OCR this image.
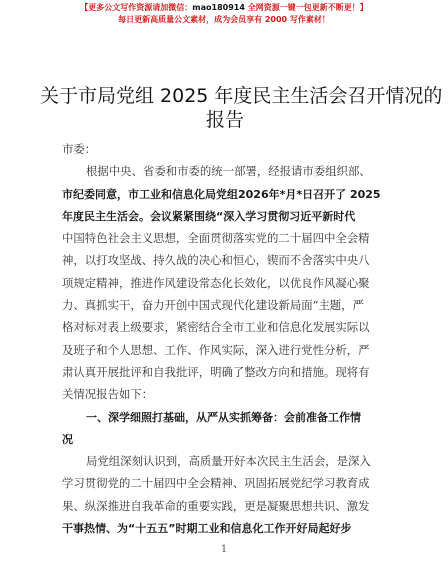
【更多公文写作资源请加微信：mao180914 全网资源一键一包更新不断更！】
每日更新高质量公文素材，成为会员享有 2000 写作素材！
关于市局党组 2025 年度民主生活会召开情况的
报告
市委：
根据中央、省委和市委的统一部署，经报请市委组织部、
市纪委同意，市工业和信息化局党组2026年*月*日召开了 2025
年度民主生活会。会议紧紧围绕“深入学习贯彻习近平新时代
中国特色社会主义思想，全面贯彻落实党的二十届四中全会精
神，以打攻坚战、持久战的决心和恒心，锲而不舍落实中央八
项规定精神，推进作风建设常态化长效化，以优良作风凝心聚
力、真抓实干，奋力开创中国式现代化建设新局面”主题，严
格对标对表上级要求，紧密结合全市工业和信息化发展实际以
及班子和个人思想、工作、作风实际，深入进行党性分析，严
肃认真开展批评和自我批评，明确了整改方向和措施。现将有
关情况报告如下：
一、深学细照打基础，从严从实抓筹备：会前准备工作情
况
局党组深刻认识到，高质量开好本次民主生活会，是深入
学习贯彻党的二十届四中全会精神、巩固拓展党纪学习教育成
果、纵深推进自我革命的重要实践，更是凝聚思想共识、激发
干事热情、为“十五五”时期工业和信息化工作开好局起好步
1
